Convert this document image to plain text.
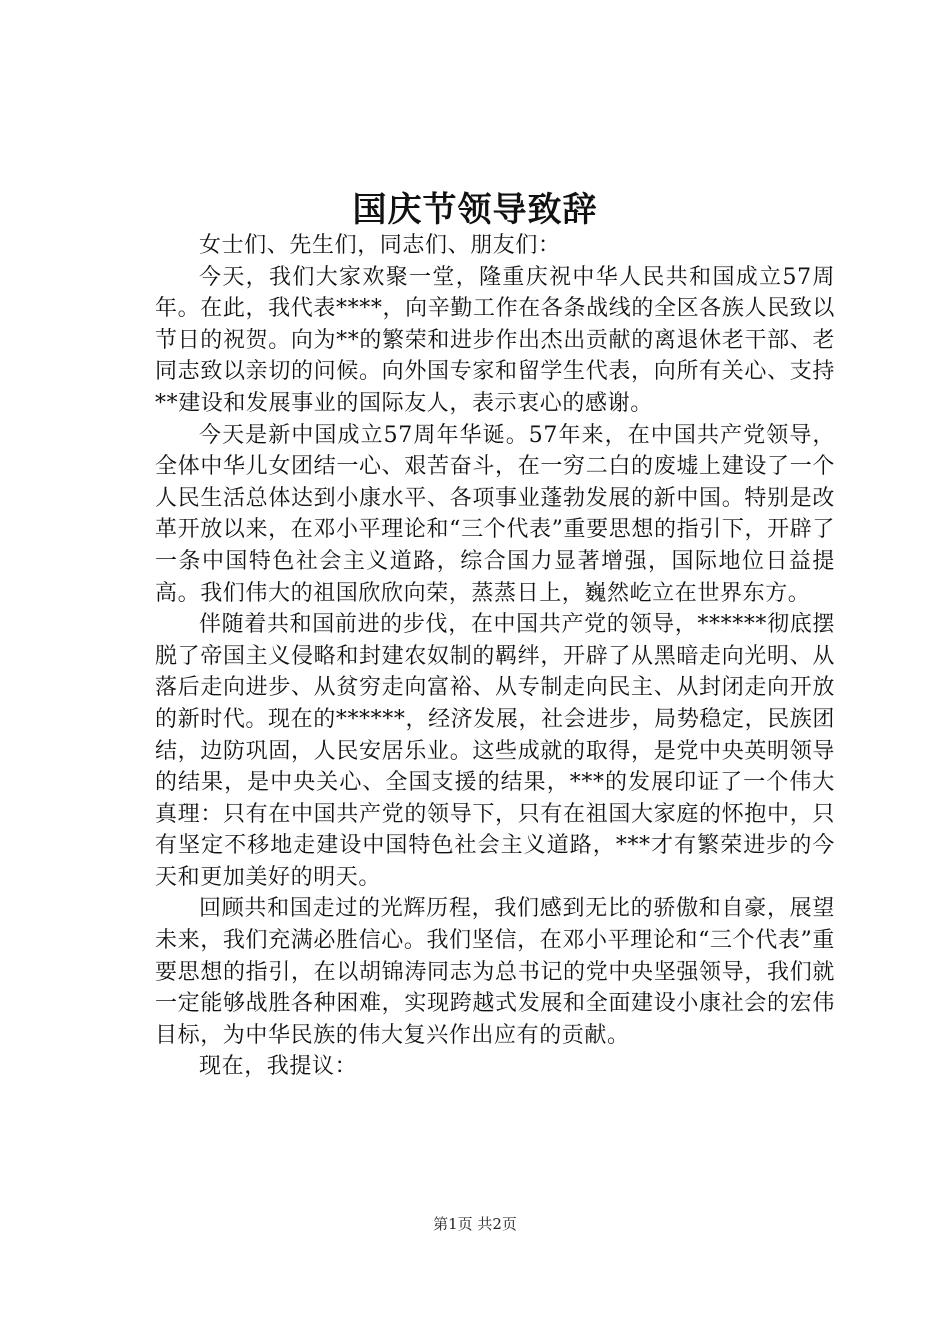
国庆节领导致辞

女士们、先生们，同志们、朋友们：

今天，我们大家欢聚一堂，隆重庆祝中华人民共和国成立57周年。在此，我代表****，向辛勤工作在各条战线的全区各族人民致以节日的祝贺。向为**的繁荣和进步作出杰出贡献的离退休老干部、老同志致以亲切的问候。向外国专家和留学生代表，向所有关心、支持**建设和发展事业的国际友人，表示衷心的感谢。

今天是新中国成立57周年华诞。57年来，在中国共产党领导，全体中华儿女团结一心、艰苦奋斗，在一穷二白的废墟上建设了一个人民生活总体达到小康水平、各项事业蓬勃发展的新中国。特别是改革开放以来，在邓小平理论和“三个代表”重要思想的指引下，开辟了一条中国特色社会主义道路，综合国力显著增强，国际地位日益提高。我们伟大的祖国欣欣向荣，蒸蒸日上，巍然屹立在世界东方。

伴随着共和国前进的步伐，在中国共产党的领导，******彻底摆脱了帝国主义侵略和封建农奴制的羁绊，开辟了从黑暗走向光明、从落后走向进步、从贫穷走向富裕、从专制走向民主、从封闭走向开放的新时代。现在的******，经济发展，社会进步，局势稳定，民族团结，边防巩固，人民安居乐业。这些成就的取得，是党中央英明领导的结果，是中央关心、全国支援的结果，***的发展印证了一个伟大真理：只有在中国共产党的领导下，只有在祖国大家庭的怀抱中，只有坚定不移地走建设中国特色社会主义道路，***才有繁荣进步的今天和更加美好的明天。

回顾共和国走过的光辉历程，我们感到无比的骄傲和自豪，展望未来，我们充满必胜信心。我们坚信，在邓小平理论和“三个代表”重要思想的指引，在以胡锦涛同志为总书记的党中央坚强领导，我们就一定能够战胜各种困难，实现跨越式发展和全面建设小康社会的宏伟目标，为中华民族的伟大复兴作出应有的贡献。

现在，我提议：

第1页 共2页
